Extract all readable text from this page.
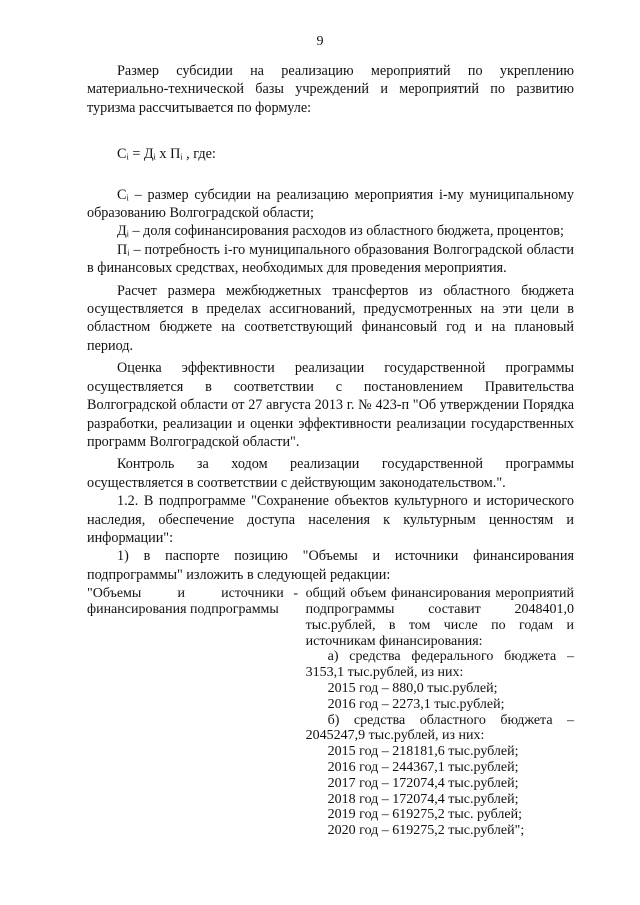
9

Размер субсидии на реализацию мероприятий по укреплению материально-технической базы учреждений и мероприятий по развитию туризма рассчитывается по формуле:

Сᵢ = Дᵢ х Пᵢ , где:

Сᵢ – размер субсидии на реализацию мероприятия i-му муниципальному образованию Волгоградской области;

Дᵢ – доля софинансирования расходов из областного бюджета, процентов;

Пᵢ – потребность i-го муниципального образования Волгоградской области в финансовых средствах, необходимых для проведения мероприятия.

Расчет размера межбюджетных трансфертов из областного бюджета осуществляется в пределах ассигнований, предусмотренных на эти цели в областном бюджете на соответствующий финансовый год и на плановый период.

Оценка эффективности реализации государственной программы осуществляется в соответствии с постановлением Правительства Волгоградской области от 27 августа 2013 г. № 423-п "Об утверждении Порядка разработки, реализации и оценки эффективности реализации государственных программ Волгоградской области".

Контроль за ходом реализации государственной программы осуществляется в соответствии с действующим законодательством.".

1.2. В подпрограмме "Сохранение объектов культурного и исторического наследия, обеспечение доступа населения к культурным ценностям и информации":

1) в паспорте позицию "Объемы и источники финансирования подпрограммы" изложить в следующей редакции:

"Объемы и источники финансирования подпрограммы
- общий объем финансирования мероприятий подпрограммы составит 2048401,0 тыс.рублей, в том числе по годам и источникам финансирования:
а) средства федерального бюджета – 3153,1 тыс.рублей, из них:
2015 год – 880,0 тыс.рублей;
2016 год – 2273,1 тыс.рублей;
б) средства областного бюджета – 2045247,9 тыс.рублей, из них:
2015 год – 218181,6 тыс.рублей;
2016 год – 244367,1 тыс.рублей;
2017 год – 172074,4 тыс.рублей;
2018 год – 172074,4 тыс.рублей;
2019 год – 619275,2 тыс. рублей;
2020 год – 619275,2 тыс.рублей";
